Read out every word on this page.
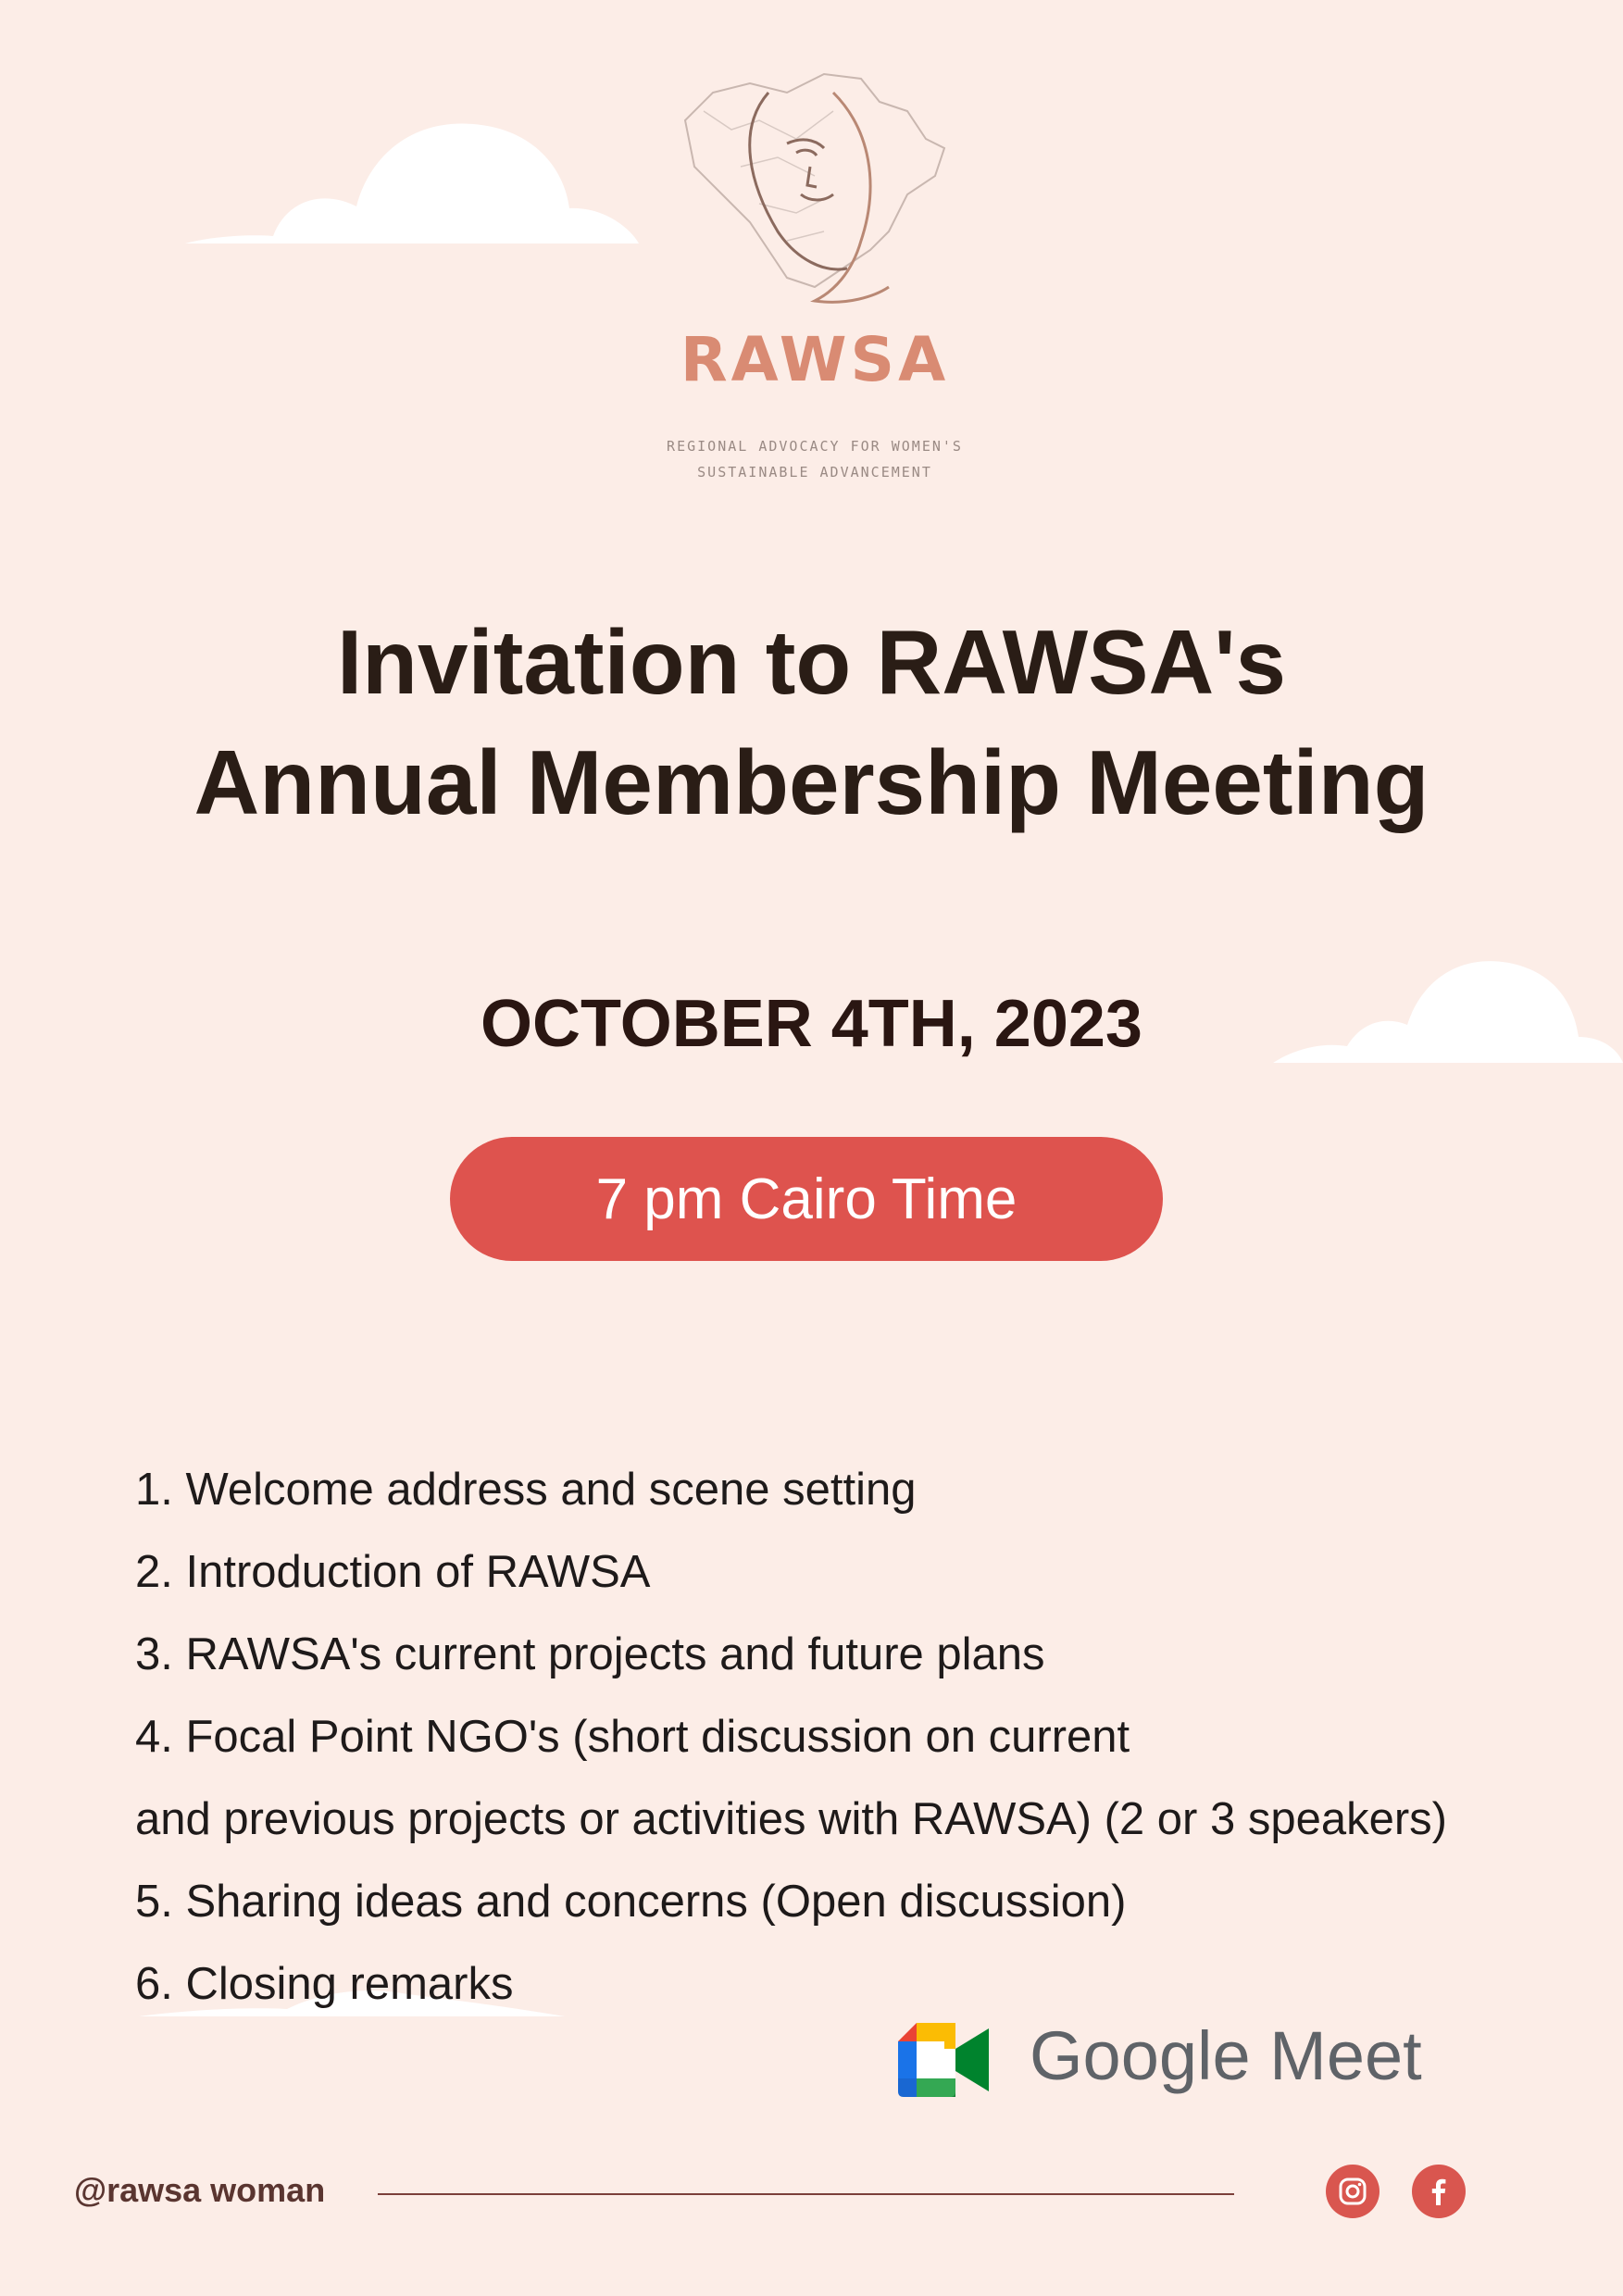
RAWSA
REGIONAL ADVOCACY FOR WOMEN'S
SUSTAINABLE ADVANCEMENT
Invitation to RAWSA's
Annual Membership Meeting
OCTOBER 4TH, 2023
7 pm Cairo Time
1. Welcome address and scene setting
2. Introduction of RAWSA
3. RAWSA's current projects and future plans
4. Focal Point NGO's (short discussion on current
and previous projects or activities with RAWSA) (2 or 3 speakers)
5. Sharing ideas and concerns (Open discussion)
6. Closing remarks
Google Meet
@rawsa woman
